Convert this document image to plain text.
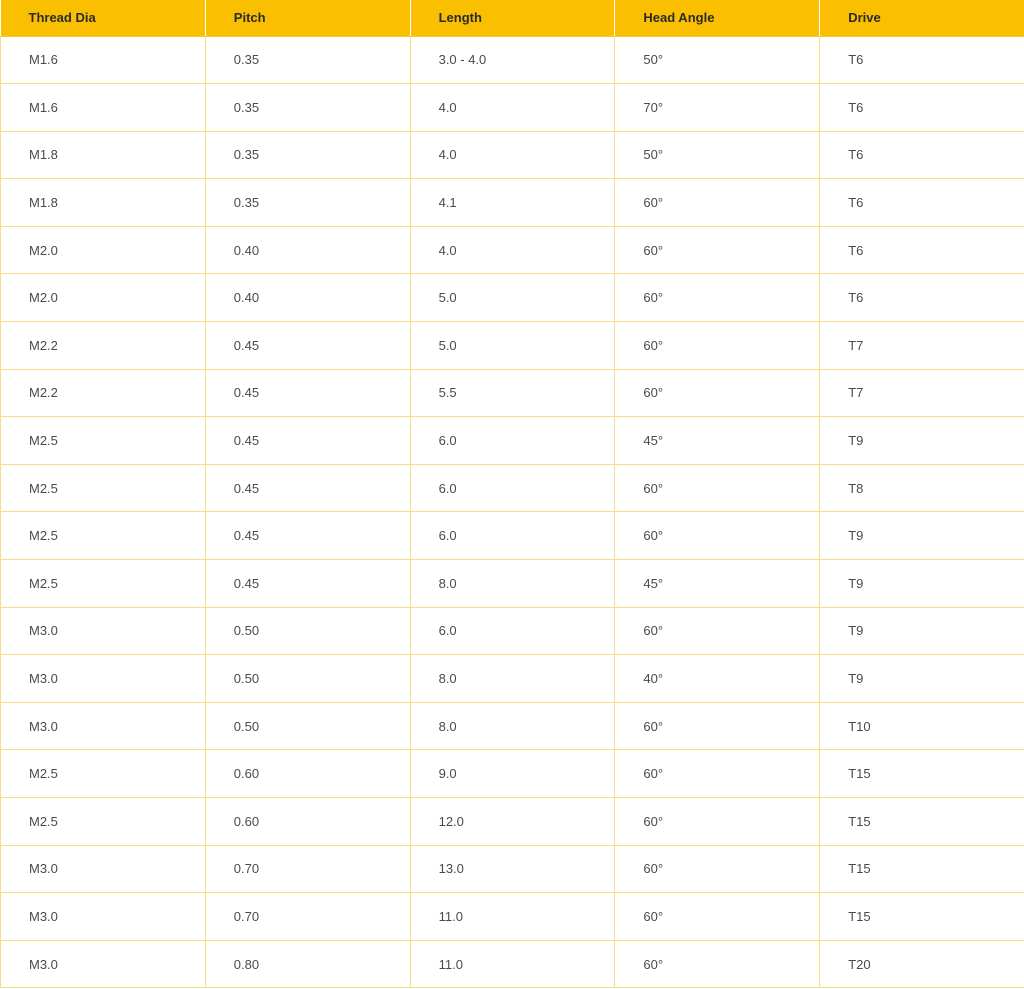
Thread Dia	Pitch	Length	Head Angle	Drive
M1.6	0.35	3.0 - 4.0	50°	T6
M1.6	0.35	4.0	70°	T6
M1.8	0.35	4.0	50°	T6
M1.8	0.35	4.1	60°	T6
M2.0	0.40	4.0	60°	T6
M2.0	0.40	5.0	60°	T6
M2.2	0.45	5.0	60°	T7
M2.2	0.45	5.5	60°	T7
M2.5	0.45	6.0	45°	T9
M2.5	0.45	6.0	60°	T8
M2.5	0.45	6.0	60°	T9
M2.5	0.45	8.0	45°	T9
M3.0	0.50	6.0	60°	T9
M3.0	0.50	8.0	40°	T9
M3.0	0.50	8.0	60°	T10
M2.5	0.60	9.0	60°	T15
M2.5	0.60	12.0	60°	T15
M3.0	0.70	13.0	60°	T15
M3.0	0.70	11.0	60°	T15
M3.0	0.80	11.0	60°	T20
